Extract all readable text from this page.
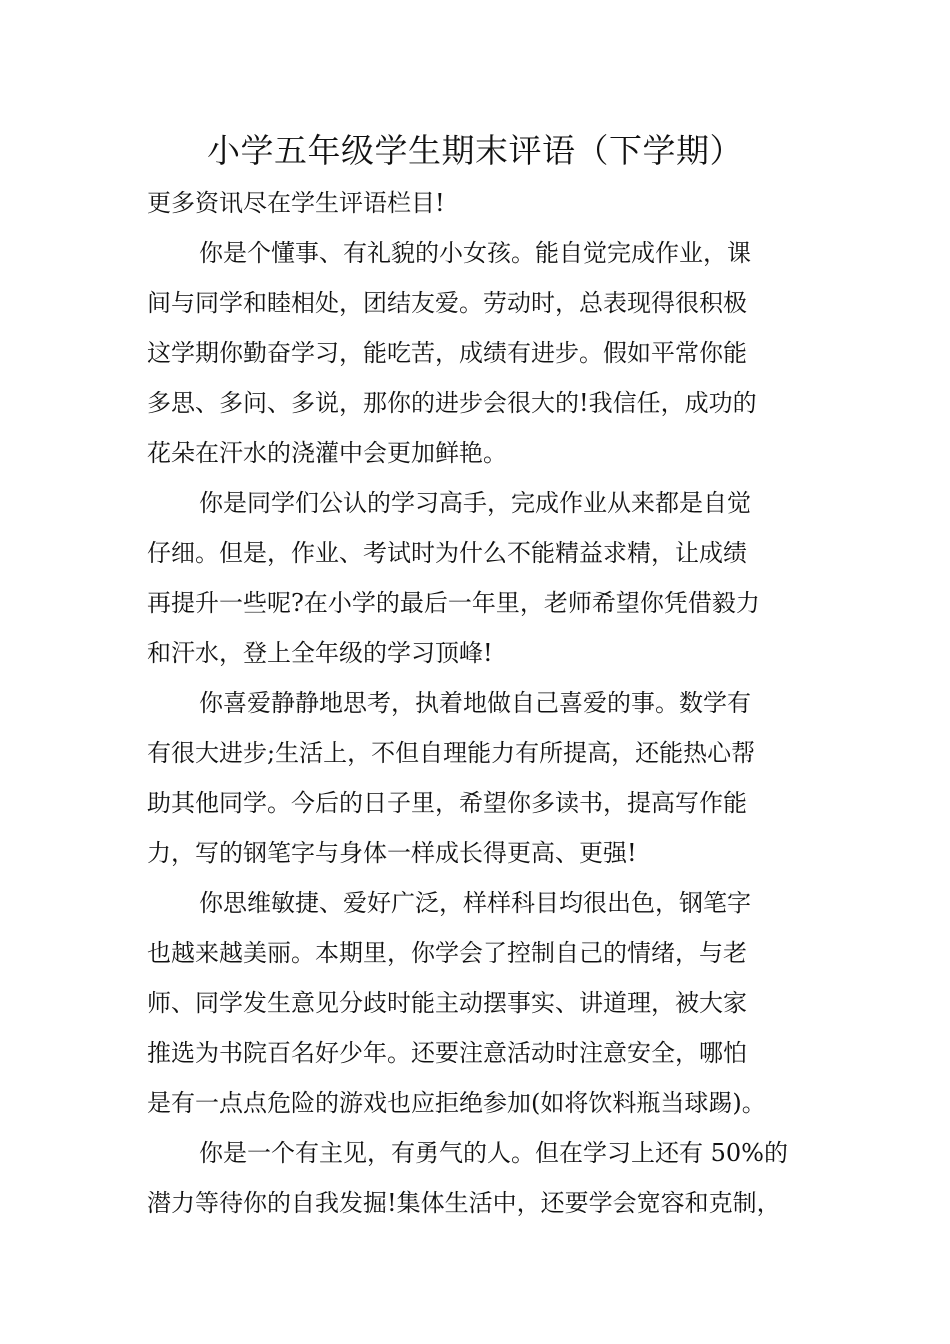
小学五年级学生期末评语（下学期）
更多资讯尽在学生评语栏目!
你是个懂事、有礼貌的小女孩。能自觉完成作业，课
间与同学和睦相处，团结友爱。劳动时，总表现得很积极
这学期你勤奋学习，能吃苦，成绩有进步。假如平常你能
多思、多问、多说，那你的进步会很大的!我信任，成功的
花朵在汗水的浇灌中会更加鲜艳。
你是同学们公认的学习高手，完成作业从来都是自觉
仔细。但是，作业、考试时为什么不能精益求精，让成绩
再提升一些呢?在小学的最后一年里，老师希望你凭借毅力
和汗水，登上全年级的学习顶峰!
你喜爱静静地思考，执着地做自己喜爱的事。数学有
有很大进步;生活上，不但自理能力有所提高，还能热心帮
助其他同学。今后的日子里，希望你多读书，提高写作能
力，写的钢笔字与身体一样成长得更高、更强!
你思维敏捷、爱好广泛，样样科目均很出色，钢笔字
也越来越美丽。本期里，你学会了控制自己的情绪，与老
师、同学发生意见分歧时能主动摆事实、讲道理，被大家
推选为书院百名好少年。还要注意活动时注意安全，哪怕
是有一点点危险的游戏也应拒绝参加(如将饮料瓶当球踢)。
你是一个有主见，有勇气的人。但在学习上还有 50%的
潜力等待你的自我发掘!集体生活中，还要学会宽容和克制，
